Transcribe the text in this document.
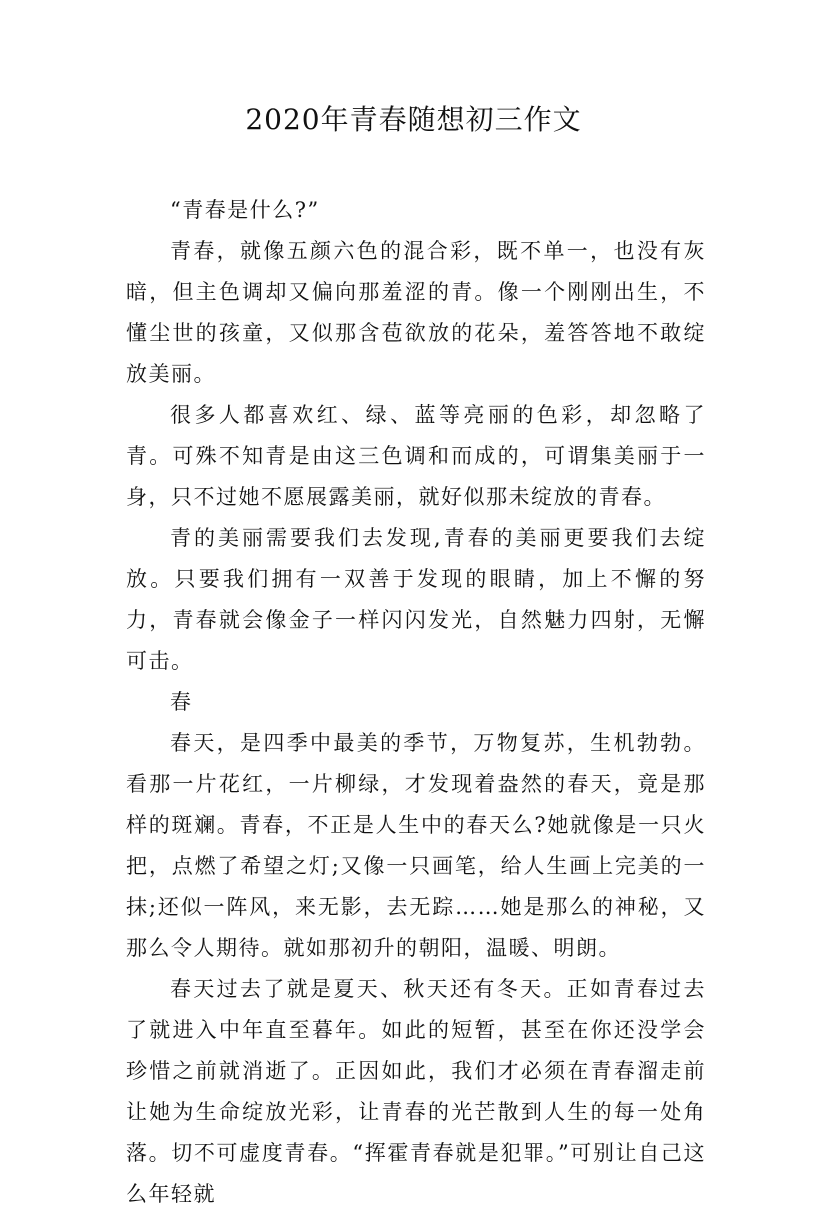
2020年青春随想初三作文

“青春是什么?”

青春，就像五颜六色的混合彩，既不单一，也没有灰暗，但主色调却又偏向那羞涩的青。像一个刚刚出生，不懂尘世的孩童，又似那含苞欲放的花朵，羞答答地不敢绽放美丽。

很多人都喜欢红、绿、蓝等亮丽的色彩，却忽略了青。可殊不知青是由这三色调和而成的，可谓集美丽于一身，只不过她不愿展露美丽，就好似那未绽放的青春。

青的美丽需要我们去发现,青春的美丽更要我们去绽放。只要我们拥有一双善于发现的眼睛，加上不懈的努力，青春就会像金子一样闪闪发光，自然魅力四射，无懈可击。

春

春天，是四季中最美的季节，万物复苏，生机勃勃。看那一片花红，一片柳绿，才发现着盎然的春天，竟是那样的斑斓。青春，不正是人生中的春天么?她就像是一只火把，点燃了希望之灯;又像一只画笔，给人生画上完美的一抹;还似一阵风，来无影，去无踪……她是那么的神秘，又那么令人期待。就如那初升的朝阳，温暖、明朗。

春天过去了就是夏天、秋天还有冬天。正如青春过去了就进入中年直至暮年。如此的短暂，甚至在你还没学会珍惜之前就消逝了。正因如此，我们才必须在青春溜走前让她为生命绽放光彩，让青春的光芒散到人生的每一处角落。切不可虚度青春。“挥霍青春就是犯罪。”可别让自己这么年轻就
